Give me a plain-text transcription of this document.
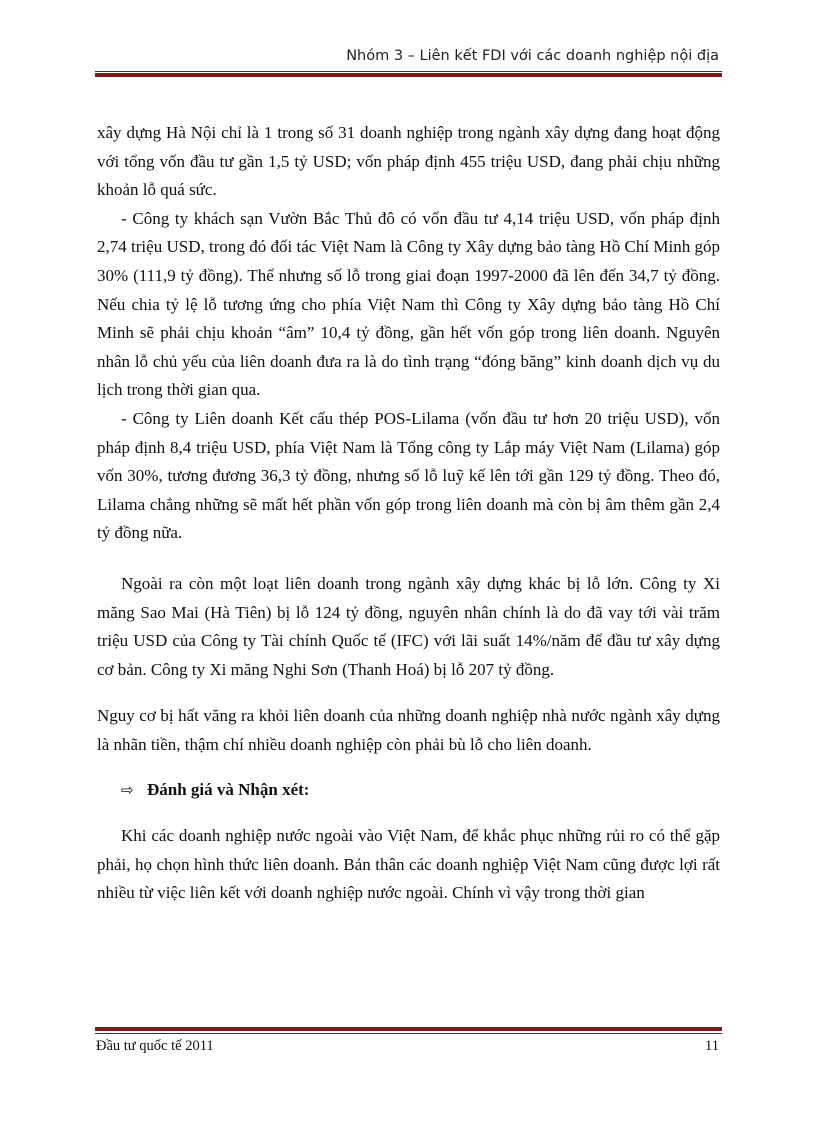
Nhóm 3 – Liên kết FDI với các doanh nghiệp nội địa

xây dựng Hà Nội chỉ là 1 trong số 31 doanh nghiệp trong ngành xây dựng đang hoạt động với tổng vốn đầu tư gần 1,5 tỷ USD; vốn pháp định 455 triệu USD, đang phải chịu những khoản lỗ quá sức.

- Công ty khách sạn Vườn Bắc Thủ đô có vốn đầu tư 4,14 triệu USD, vốn pháp định 2,74 triệu USD, trong đó đối tác Việt Nam là Công ty Xây dựng bảo tàng Hồ Chí Minh góp 30% (111,9 tỷ đồng). Thế nhưng số lỗ trong giai đoạn 1997-2000 đã lên đến 34,7 tỷ đồng. Nếu chia tỷ lệ lỗ tương ứng cho phía Việt Nam thì Công ty Xây dựng bảo tàng Hồ Chí Minh sẽ phải chịu khoản “âm” 10,4 tỷ đồng, gần hết vốn góp trong liên doanh. Nguyên nhân lỗ chủ yếu của liên doanh đưa ra là do tình trạng “đóng băng” kinh doanh dịch vụ du lịch trong thời gian qua.

- Công ty Liên doanh Kết cấu thép POS-Lilama (vốn đầu tư hơn 20 triệu USD), vốn pháp định 8,4 triệu USD, phía Việt Nam là Tổng công ty Lắp máy Việt Nam (Lilama) góp vốn 30%, tương đương 36,3 tỷ đồng, nhưng số lỗ luỹ kế lên tới gần 129 tỷ đồng. Theo đó, Lilama chẳng những sẽ mất hết phần vốn góp trong liên doanh mà còn bị âm thêm gần 2,4 tỷ đồng nữa.

Ngoài ra còn một loạt liên doanh trong ngành xây dựng khác bị lỗ lớn. Công ty Xi măng Sao Mai (Hà Tiên) bị lỗ 124 tỷ đồng, nguyên nhân chính là do đã vay tới vài trăm triệu USD của Công ty Tài chính Quốc tế (IFC) với lãi suất 14%/năm để đầu tư xây dựng cơ bản. Công ty Xi măng Nghi Sơn (Thanh Hoá) bị lỗ 207 tỷ đồng.

Nguy cơ bị hất văng ra khỏi liên doanh của những doanh nghiệp nhà nước ngành xây dựng là nhãn tiền, thậm chí nhiều doanh nghiệp còn phải bù lỗ cho liên doanh.

⇨ Đánh giá và Nhận xét:

Khi các doanh nghiệp nước ngoài vào Việt Nam, để khắc phục những rủi ro có thể gặp phải, họ chọn hình thức liên doanh. Bản thân các doanh nghiệp Việt Nam cũng được lợi rất nhiều từ việc liên kết với doanh nghiệp nước ngoài. Chính vì vậy trong thời gian

Đầu tư quốc tế 2011	11
